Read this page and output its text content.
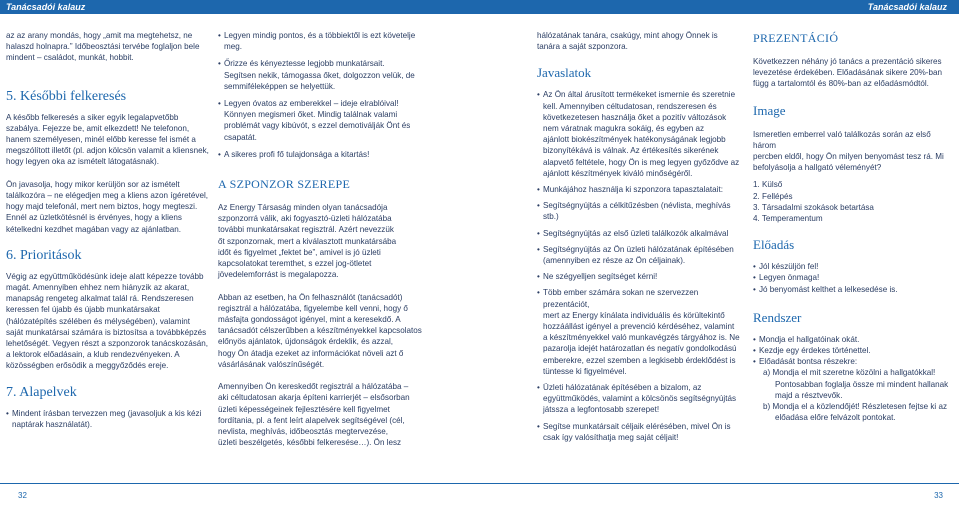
Tanácsadói kalauz	Tanácsadói kalauz
az az arany mondás, hogy „amit ma megtehetsz, ne
halaszd holnapra.” Időbeosztási tervébe foglaljon bele
mindent – családot, munkát, hobbit.
5. Későbbi felkeresés
A később felkeresés a siker egyik legalapvetőbb
szabálya. Fejezze be, amit elkezdett! Ne telefonon,
hanem személyesen, minél előbb keresse fel ismét a
megszólított illetőt (pl. adjon kölcsön valamit a kliensnek,
hogy legyen oka az ismételt látogatásnak).
Ön javasolja, hogy mikor kerüljön sor az ismételt
találkozóra – ne elégedjen meg a kliens azon ígéretével,
hogy majd telefonál, mert nem biztos, hogy megteszi.
Ennél az üzletkötésnél is érvényes, hogy a kliens
kételkedni kezdhet magában vagy az ajánlatban.
6. Prioritások
Végig az együttműködésünk ideje alatt képezze tovább
magát. Amennyiben ehhez nem hiányzik az akarat,
manapság rengeteg alkalmat talál rá. Rendszeresen
keressen fel újabb és újabb munkatársakat
(hálózatépítés szélében és mélységében), valamint
saját munkatársai számára is biztosítsa a továbbképzés
lehetőségét. Vegyen részt a szponzorok tanácskozásán,
a lektorok előadásain, a klub rendezvényeken. A
közösségben erősödik a meggyőződés ereje.
7. Alapelvek
• Mindent írásban tervezzen meg (javasoljuk a kis kézi
naptárak használatát).
• Legyen mindig pontos, és a többiektől is ezt követelje
meg.
• Őrizze és kényeztesse legjobb munkatársait.
Segítsen nekik, támogassa őket, dolgozzon velük, de
semmiféleképpen se helyettük.
• Legyen óvatos az emberekkel – ideje elrablóival!
Könnyen megismeri őket. Mindig találnak valami
problémát vagy kibúvót, s ezzel demotiválják Önt és
csapatát.
• A sikeres profi fő tulajdonsága a kitartás!
A SZPONZOR SZEREPE
Az Energy Társaság minden olyan tanácsadója
szponzorrá válik, aki fogyasztó-üzleti hálózatába
további munkatársakat regisztrál. Azért nevezzük
őt szponzornak, mert a kiválasztott munkatársába
időt és figyelmet „fektet be”, amivel is jó üzleti
kapcsolatokat teremthet, s ezzel jog-ötletet
jövedelemforrást is megalapozza.
Abban az esetben, ha Ön felhasználót (tanácsadót)
regisztrál a hálózatába, figyelembe kell venni, hogy ő
másfajta gondosságot igényel, mint a keresekdő. A
tanácsadót célszerűbben a készítményekkel kapcsolatos
előnyös ajánlatok, újdonságok érdeklik, és azzal,
hogy Ön átadja ezeket az információkat növeli azt ő
vásárlásának valószínűségét.
Amennyiben Ön kereskedőt regisztrál a hálózatába –
aki céltudatosan akarja építeni karrierjét – elsősorban
üzleti képességeinek fejlesztésére kell figyelmet
fordítania, pl. a fent leírt alapelvek segítségével (cél,
nevlista, meghívás, időbeosztás megtervezése,
üzleti beszélgetés, későbbi felkeresése…). Ön lesz
hálózatának tanára, csakúgy, mint ahogy Önnek is
tanára a saját szponzora.
Javaslatok
• Az Ön által árusított termékeket ismernie és szeretnie
kell. Amennyiben céltudatosan, rendszeresen és
következetesen használja őket a pozitív változások
nem váratnak magukra sokáig, és egyben az
ajánlott biokészítmények hatékonyságának legjobb
bizonyítékává is válnak. Az értékesítés sikerének
alapvető feltétele, hogy Ön is meg legyen győződve az
ajánlott készítmények kiváló minőségéről.
• Munkájához használja ki szponzora tapasztalatait:
• Segítségnyújtás a célkitűzésben (névlista, meghívás
stb.)
• Segítségnyújtás az első üzleti találkozók alkalmával
• Segítségnyújtás az Ön üzleti hálózatának építésében
(amennyiben ez része az Ön céljainak).
• Ne szégyelljen segítséget kérni!
• Több ember számára sokan ne szervezzen prezentációt,
mert az Energy kínálata individuális és körültekintő
hozzáállást igényel a prevenció kérdéséhez, valamint
a készítményekkel való munkavégzés tárgyához is. Ne
pazarolja idejét határozatlan és negatív gondolkodású
emberekre, ezzel szemben a legkisebb érdeklődést is
tüntesse ki figyelmével.
• Üzleti hálózatának építésében a bizalom, az
együttműködés, valamint a kölcsönös segítségnyújtás
játssza a legfontosabb szerepet!
• Segítse munkatársait céljaik elérésében, mivel Ön is
csak így valósíthatja meg saját céljait!
PREZENTÁCIÓ
Következzen néhány jó tanács a prezentáció sikeres
levezetése érdekében. Előadásának sikere 20%-ban
függ a tartalomtól és 80%-ban az előadásmódtól.
Image
Ismeretlen emberrel való találkozás során az első három
percben eldől, hogy Ön milyen benyomást tesz rá. Mi
befolyásolja a hallgató véleményét?
1. Külső
2. Fellépés
3. Társadalmi szokások betartása
4. Temperamentum
Előadás
• Jól készüljön fel!
• Legyen önmaga!
• Jó benyomást kelthet a lelkesedése is.
Rendszer
• Mondja el hallgatóinak okát.
• Kezdje egy érdekes történettel.
• Előadását bontsa részekre:
a) Mondja el mit szeretne közölni a hallgatókkal!
Pontosabban foglalja össze mi mindent hallanak
majd a résztvevők.
b) Mondja el a közlendőjét! Részletesen fejtse ki az
előadása előre felvázolt pontokat.
32	33
